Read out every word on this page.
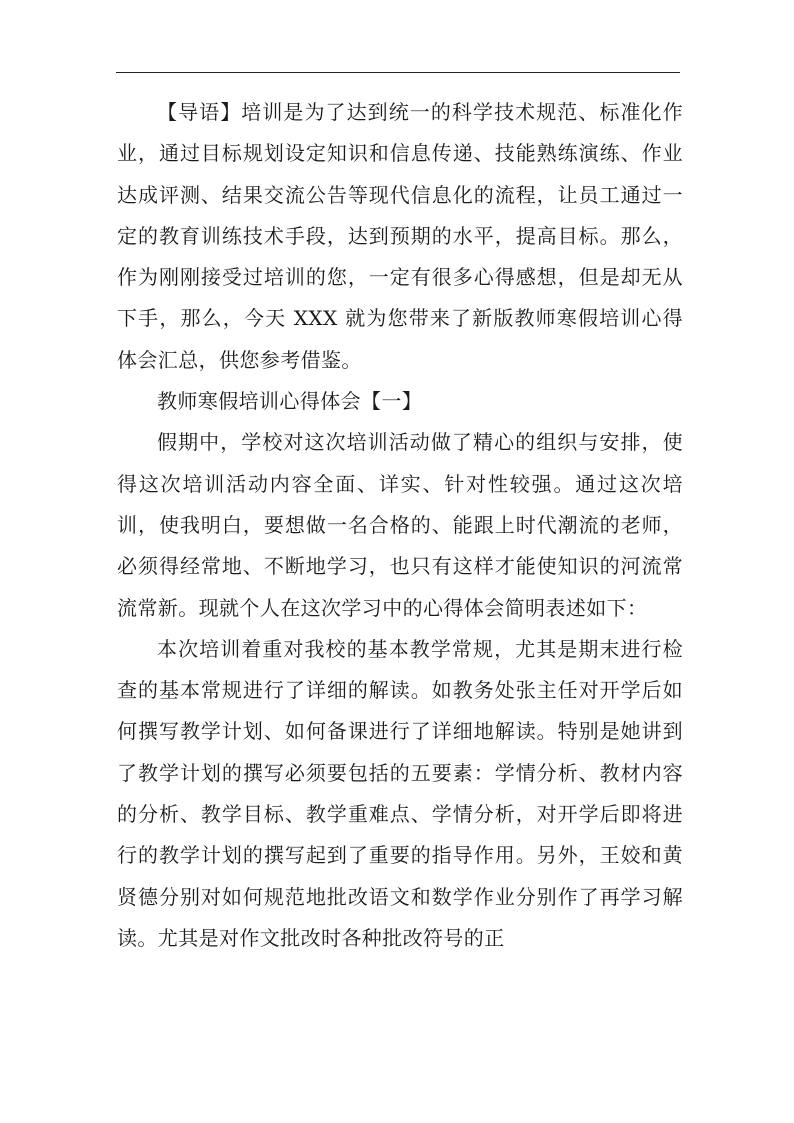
【导语】培训是为了达到统一的科学技术规范、标准化作业，通过目标规划设定知识和信息传递、技能熟练演练、作业达成评测、结果交流公告等现代信息化的流程，让员工通过一定的教育训练技术手段，达到预期的水平，提高目标。那么，作为刚刚接受过培训的您，一定有很多心得感想，但是却无从下手，那么，今天 XXX 就为您带来了新版教师寒假培训心得体会汇总，供您参考借鉴。

教师寒假培训心得体会【一】

假期中，学校对这次培训活动做了精心的组织与安排，使得这次培训活动内容全面、详实、针对性较强。通过这次培训，使我明白，要想做一名合格的、能跟上时代潮流的老师，必须得经常地、不断地学习，也只有这样才能使知识的河流常流常新。现就个人在这次学习中的心得体会简明表述如下：

本次培训着重对我校的基本教学常规，尤其是期末进行检查的基本常规进行了详细的解读。如教务处张主任对开学后如何撰写教学计划、如何备课进行了详细地解读。特别是她讲到了教学计划的撰写必须要包括的五要素：学情分析、教材内容的分析、教学目标、教学重难点、学情分析，对开学后即将进行的教学计划的撰写起到了重要的指导作用。另外，王姣和黄贤德分别对如何规范地批改语文和数学作业分别作了再学习解读。尤其是对作文批改时各种批改符号的正
